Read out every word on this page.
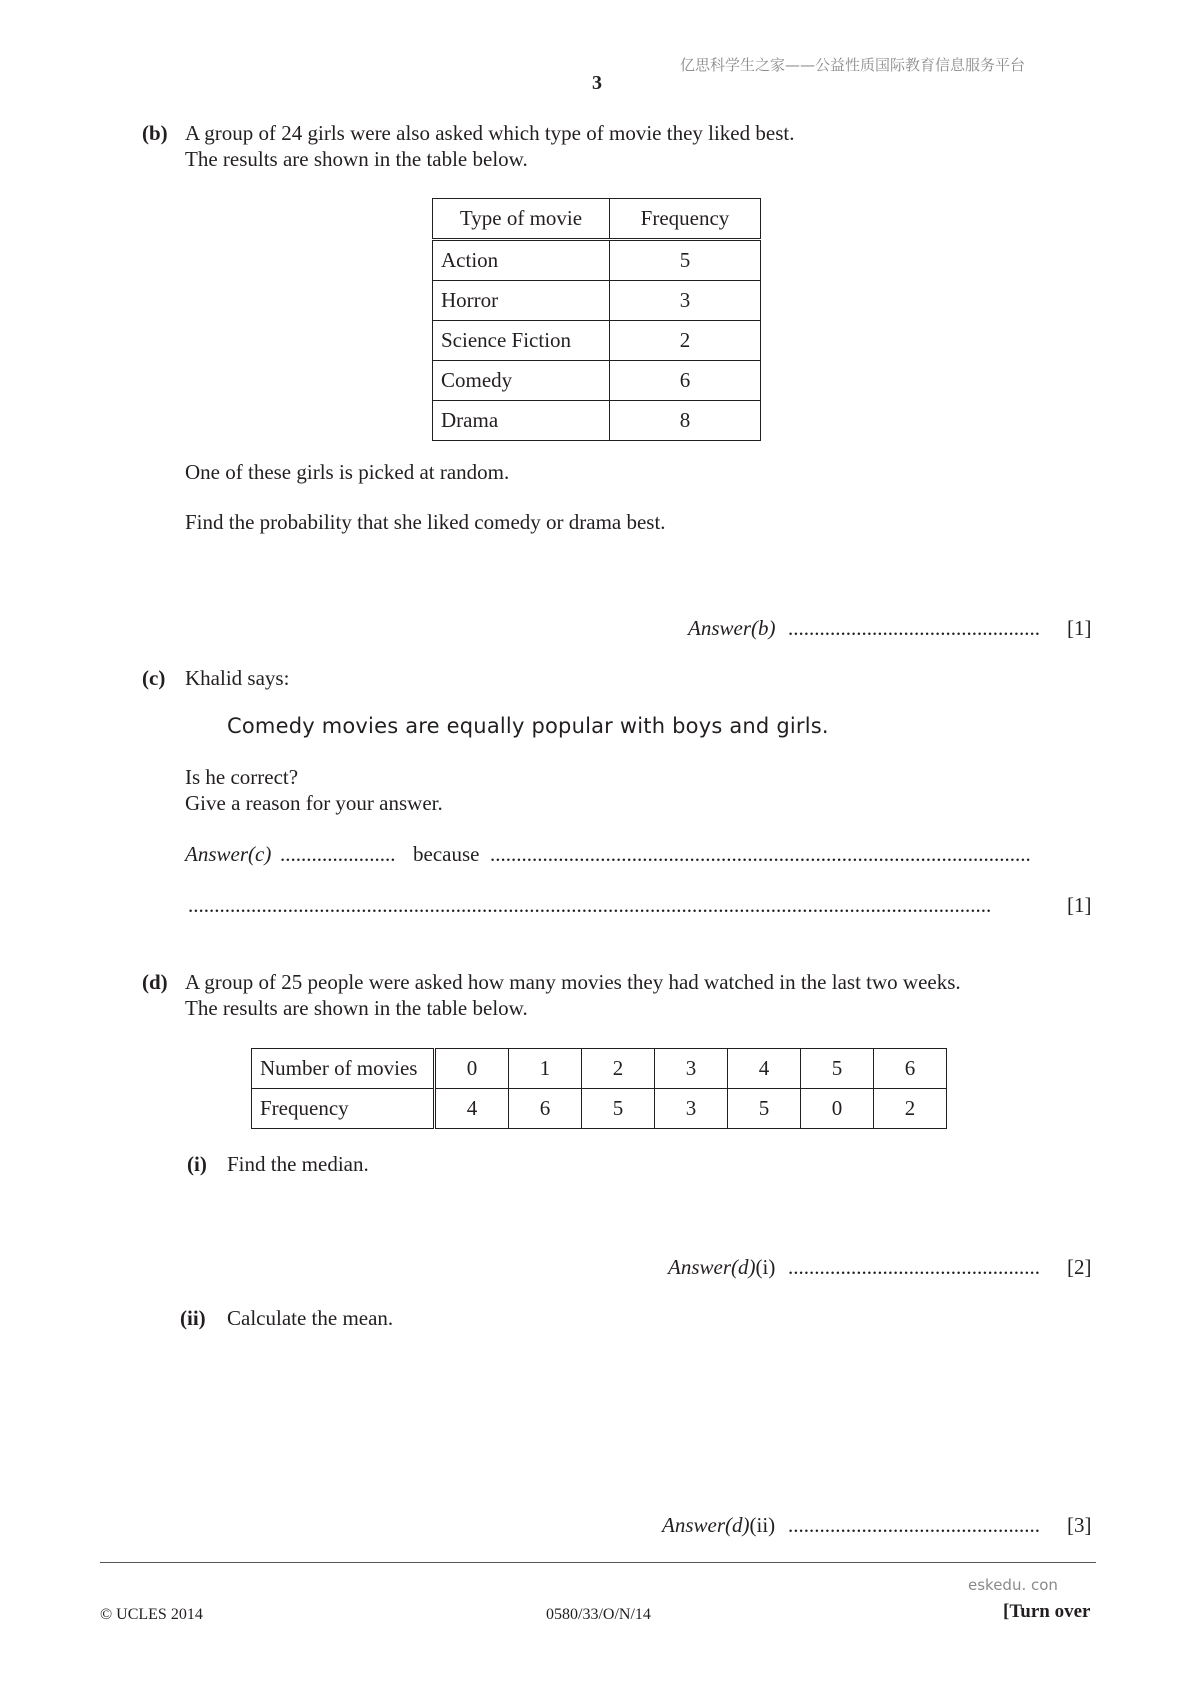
亿思科学生之家——公益性质国际教育信息服务平台
3
(b) A group of 24 girls were also asked which type of movie they liked best.
The results are shown in the table below.
Type of movie	Frequency
Action	5
Horror	3
Science Fiction	2
Comedy	6
Drama	8
One of these girls is picked at random.
Find the probability that she liked comedy or drama best.
Answer(b) ................................................ [1]
(c) Khalid says:
Comedy movies are equally popular with boys and girls.
Is he correct?
Give a reason for your answer.
Answer(c) ...................... because .......................................................................................................
.........................................................................................................................................................	[1]
(d) A group of 25 people were asked how many movies they had watched in the last two weeks.
The results are shown in the table below.
Number of movies	0	1	2	3	4	5	6
Frequency	4	6	5	3	5	0	2
(i) Find the median.
Answer(d)(i) ................................................ [2]
(ii) Calculate the mean.
Answer(d)(ii) ................................................ [3]
eskedu. con
© UCLES 2014	0580/33/O/N/14	[Turn over
